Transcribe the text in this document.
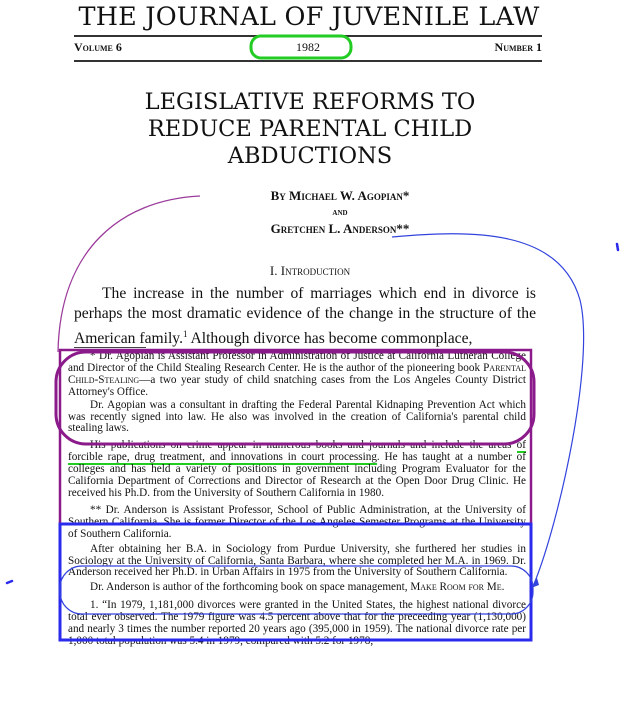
THE JOURNAL OF JUVENILE LAW
Volume 6	1982	Number 1
LEGISLATIVE REFORMS TO
REDUCE PARENTAL CHILD
ABDUCTIONS
By Michael W. Agopian*
and
Gretchen L. Anderson**
I. Introduction

The increase in the number of marriages which end in divorce is perhaps the most dramatic evidence of the change in the structure of the American family.$^1$ Although divorce has become commonplace,

* Dr. Agopian is Assistant Professor in Administration of Justice at California Lutheran College and Director of the Child Stealing Research Center. He is the author of the pioneering book Parental Child-Stealing—a two year study of child snatching cases from the Los Angeles County District Attorney's Office.

Dr. Agopian was a consultant in drafting the Federal Parental Kidnaping Prevention Act which was recently signed into law. He also was involved in the creation of California's parental child stealing laws.

His publications on crime appear in numerous books and journals and include the areas of forcible rape, drug treatment, and innovations in court processing. He has taught at a number of colleges and has held a variety of positions in government including Program Evaluator for the California Department of Corrections and Director of Research at the Open Door Drug Clinic. He received his Ph.D. from the University of Southern California in 1980.

** Dr. Anderson is Assistant Professor, School of Public Administration, at the University of Southern California. She is former Director of the Los Angeles Semester Programs at the University of Southern California.

After obtaining her B.A. in Sociology from Purdue University, she furthered her studies in Sociology at the University of California, Santa Barbara, where she completed her M.A. in 1969. Dr. Anderson received her Ph.D. in Urban Affairs in 1975 from the University of Southern California.

Dr. Anderson is author of the forthcoming book on space management, Make Room for Me.

1. “In 1979, 1,181,000 divorces were granted in the United States, the highest national divorce total ever observed. The 1979 figure was 4.5 percent above that for the preceeding year (1,130,000) and nearly 3 times the number reported 20 years ago (395,000 in 1959). The national divorce rate per 1,000 total population was 5.4 in 1979, compared with 5.2 for 1978,
